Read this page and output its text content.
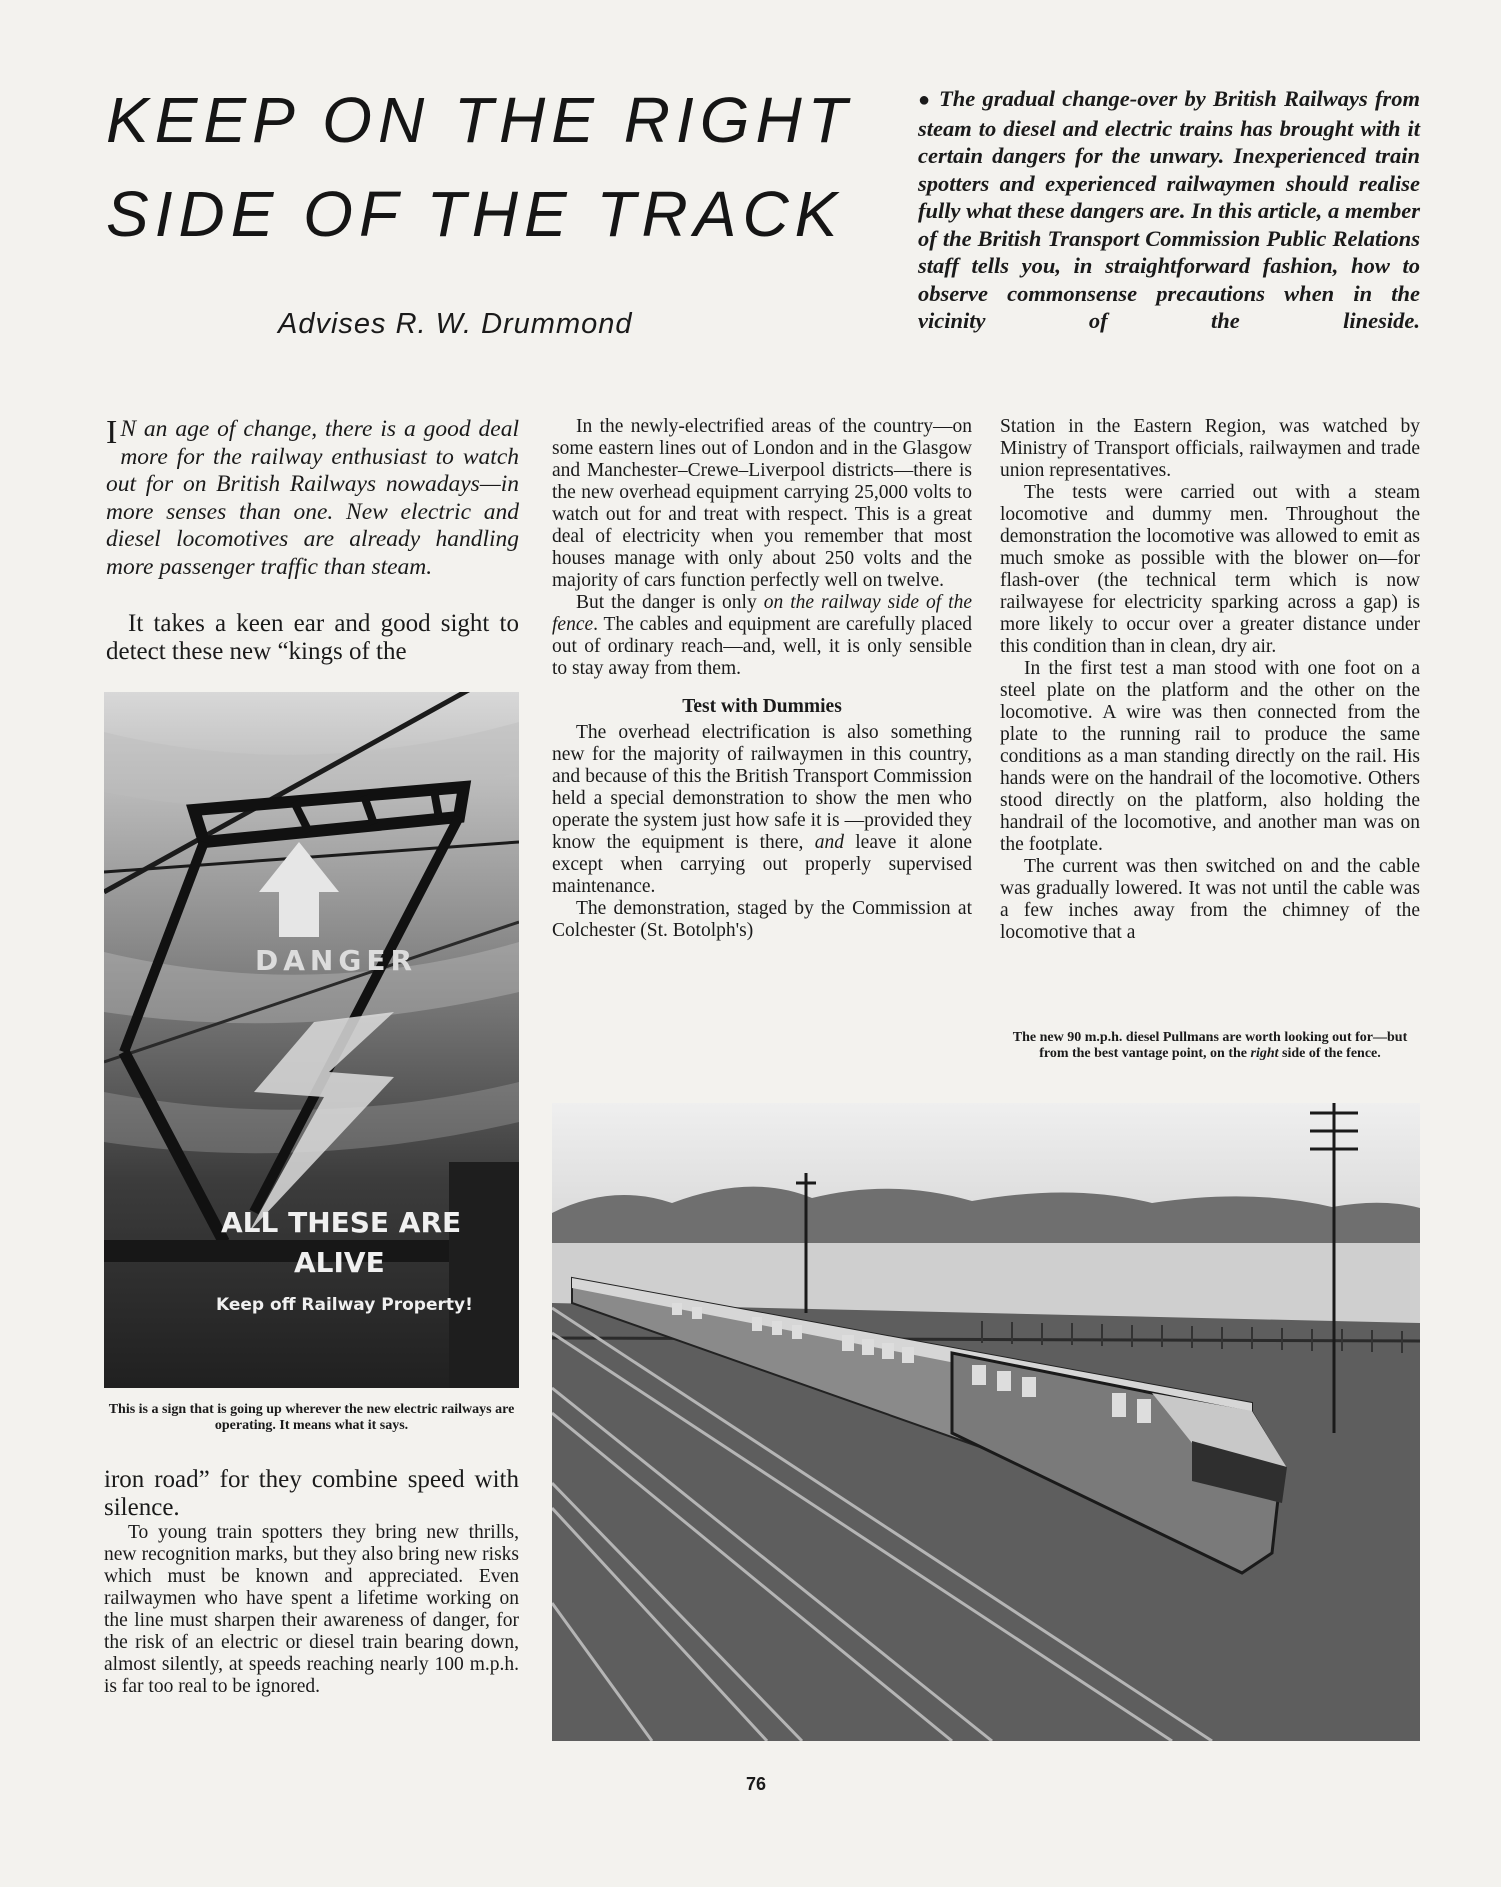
KEEP ON THE RIGHT
SIDE OF THE TRACK
Advises R. W. Drummond
● The gradual change-over by British Railways from steam to diesel and electric trains has brought with it certain dangers for the unwary. Inexperienced train spotters and experienced railwaymen should realise fully what these dangers are. In this article, a member of the British Transport Commission Public Relations staff tells you, in straightforward fashion, how to observe commonsense precautions when in the vicinity of the lineside.
I N an age of change, there is a good deal more for the railway enthusiast to watch out for on British Railways nowadays—in more senses than one. New electric and diesel locomotives are already handling more passenger traffic than steam.
It takes a keen ear and good sight to detect these new “kings of the
DANGER
ALL THESE ARE
ALIVE
Keep off Railway Property!
This is a sign that is going up wherever the new electric railways are operating. It means what it says.
iron road” for they combine speed with silence.

To young train spotters they bring new thrills, new recognition marks, but they also bring new risks which must be known and appreciated. Even railwaymen who have spent a lifetime working on the line must sharpen their awareness of danger, for the risk of an electric or diesel train bearing down, almost silently, at speeds reaching nearly 100 m.p.h. is far too real to be ignored.

In the newly-electrified areas of the country—on some eastern lines out of London and in the Glasgow and Manchester–Crewe–Liverpool districts—there is the new overhead equipment carrying 25,000 volts to watch out for and treat with respect. This is a great deal of electricity when you remember that most houses manage with only about 250 volts and the majority of cars function perfectly well on twelve.

But the danger is only on the railway side of the fence. The cables and equipment are carefully placed out of ordinary reach—and, well, it is only sensible to stay away from them.

Test with Dummies

The overhead electrification is also something new for the majority of railwaymen in this country, and because of this the British Transport Commission held a special demonstration to show the men who operate the system just how safe it is —provided they know the equipment is there, and leave it alone except when carrying out properly supervised maintenance.

The demonstration, staged by the Commission at Colchester (St. Botolph's)

Station in the Eastern Region, was watched by Ministry of Transport officials, railwaymen and trade union representatives.

The tests were carried out with a steam locomotive and dummy men. Throughout the demonstration the locomotive was allowed to emit as much smoke as possible with the blower on—for flash-over (the technical term which is now railwayese for electricity sparking across a gap) is more likely to occur over a greater distance under this condition than in clean, dry air.

In the first test a man stood with one foot on a steel plate on the platform and the other on the locomotive. A wire was then connected from the plate to the running rail to produce the same conditions as a man standing directly on the rail. His hands were on the handrail of the locomotive. Others stood directly on the platform, also holding the handrail of the locomotive, and another man was on the footplate.

The current was then switched on and the cable was gradually lowered. It was not until the cable was a few inches away from the chimney of the locomotive that a

The new 90 m.p.h. diesel Pullmans are worth looking out for—but from the best vantage point, on the right side of the fence.
76
